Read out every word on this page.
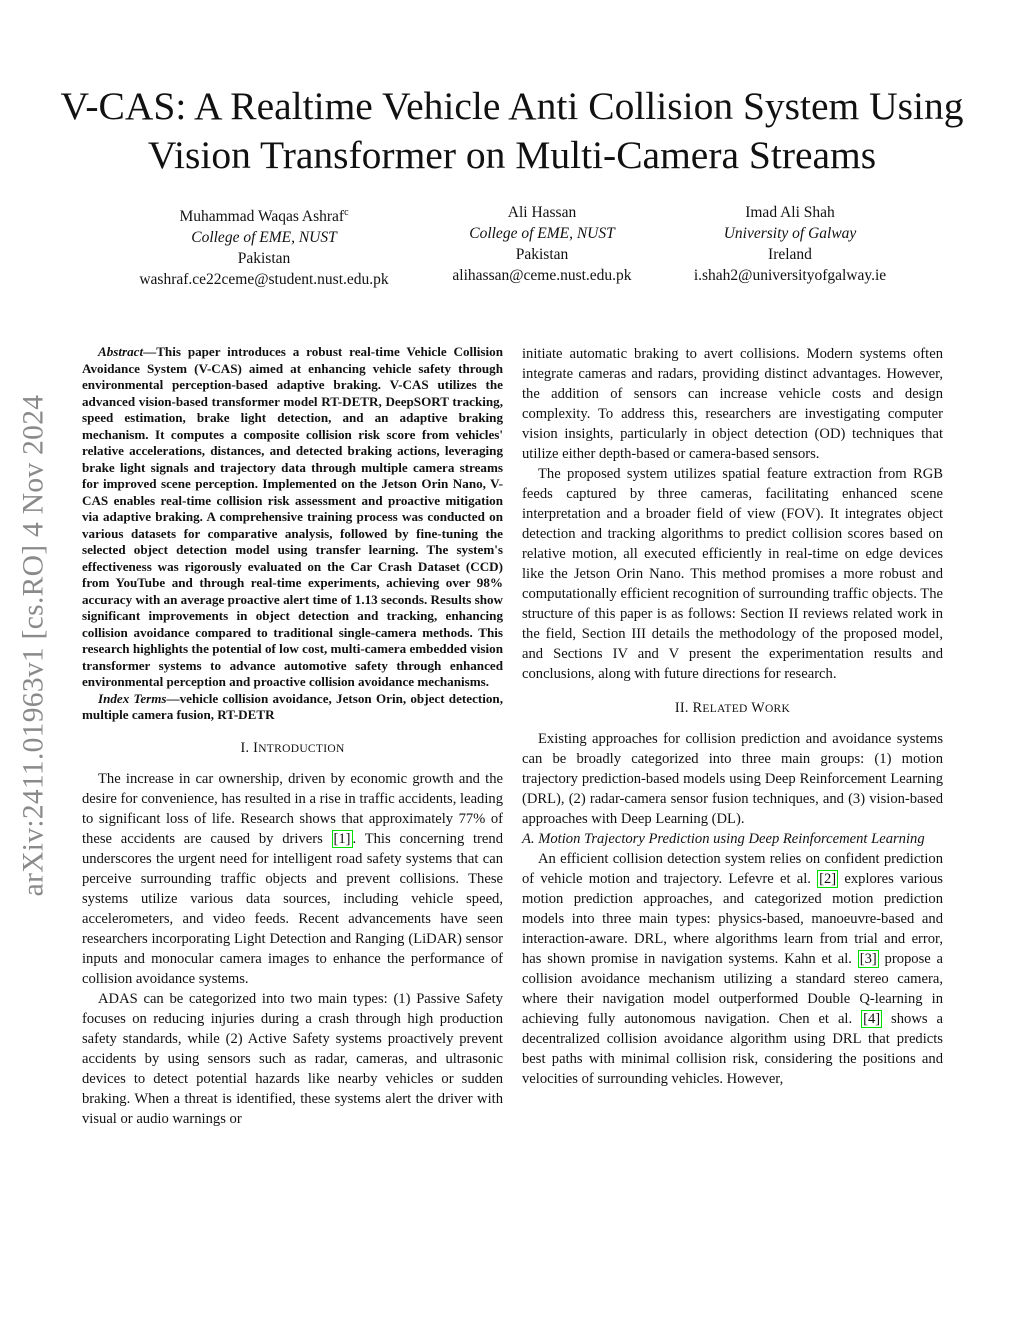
arXiv:2411.01963v1 [cs.RO] 4 Nov 2024
V-CAS: A Realtime Vehicle Anti Collision System Using Vision Transformer on Multi-Camera Streams
Muhammad Waqas Ashraf$^c$
College of EME, NUST
Pakistan
washraf.ce22ceme@student.nust.edu.pk
Ali Hassan
College of EME, NUST
Pakistan
alihassan@ceme.nust.edu.pk
Imad Ali Shah
University of Galway
Ireland
i.shah2@universityofgalway.ie

Abstract—This paper introduces a robust real-time Vehicle Collision Avoidance System (V-CAS) aimed at enhancing vehicle safety through environmental perception-based adaptive braking. V-CAS utilizes the advanced vision-based transformer model RT-DETR, DeepSORT tracking, speed estimation, brake light detection, and an adaptive braking mechanism. It computes a composite collision risk score from vehicles' relative accelerations, distances, and detected braking actions, leveraging brake light signals and trajectory data through multiple camera streams for improved scene perception. Implemented on the Jetson Orin Nano, V-CAS enables real-time collision risk assessment and proactive mitigation via adaptive braking. A comprehensive training process was conducted on various datasets for comparative analysis, followed by fine-tuning the selected object detection model using transfer learning. The system's effectiveness was rigorously evaluated on the Car Crash Dataset (CCD) from YouTube and through real-time experiments, achieving over 98% accuracy with an average proactive alert time of 1.13 seconds. Results show significant improvements in object detection and tracking, enhancing collision avoidance compared to traditional single-camera methods. This research highlights the potential of low cost, multi-camera embedded vision transformer systems to advance automotive safety through enhanced environmental perception and proactive collision avoidance mechanisms.

Index Terms—vehicle collision avoidance, Jetson Orin, object detection, multiple camera fusion, RT-DETR

I. INTRODUCTION

The increase in car ownership, driven by economic growth and the desire for convenience, has resulted in a rise in traffic accidents, leading to significant loss of life. Research shows that approximately 77% of these accidents are caused by drivers [1] . This concerning trend underscores the urgent need for intelligent road safety systems that can perceive surrounding traffic objects and prevent collisions. These systems utilize various data sources, including vehicle speed, accelerometers, and video feeds. Recent advancements have seen researchers incorporating Light Detection and Ranging (LiDAR) sensor inputs and monocular camera images to enhance the performance of collision avoidance systems.

ADAS can be categorized into two main types: (1) Passive Safety focuses on reducing injuries during a crash through high production safety standards, while (2) Active Safety systems proactively prevent accidents by using sensors such as radar, cameras, and ultrasonic devices to detect potential hazards like nearby vehicles or sudden braking. When a threat is identified, these systems alert the driver with visual or audio warnings or

initiate automatic braking to avert collisions. Modern systems often integrate cameras and radars, providing distinct advantages. However, the addition of sensors can increase vehicle costs and design complexity. To address this, researchers are investigating computer vision insights, particularly in object detection (OD) techniques that utilize either depth-based or camera-based sensors.

The proposed system utilizes spatial feature extraction from RGB feeds captured by three cameras, facilitating enhanced scene interpretation and a broader field of view (FOV). It integrates object detection and tracking algorithms to predict collision scores based on relative motion, all executed efficiently in real-time on edge devices like the Jetson Orin Nano. This method promises a more robust and computationally efficient recognition of surrounding traffic objects. The structure of this paper is as follows: Section II reviews related work in the field, Section III details the methodology of the proposed model, and Sections IV and V present the experimentation results and conclusions, along with future directions for research.

II. RELATED WORK

Existing approaches for collision prediction and avoidance systems can be broadly categorized into three main groups: (1) motion trajectory prediction-based models using Deep Reinforcement Learning (DRL), (2) radar-camera sensor fusion techniques, and (3) vision-based approaches with Deep Learning (DL).

A. Motion Trajectory Prediction using Deep Reinforcement Learning

An efficient collision detection system relies on confident prediction of vehicle motion and trajectory. Lefevre et al. [2] explores various motion prediction approaches, and categorized motion prediction models into three main types: physics-based, manoeuvre-based and interaction-aware. DRL, where algorithms learn from trial and error, has shown promise in navigation systems. Kahn et al. [3] propose a collision avoidance mechanism utilizing a standard stereo camera, where their navigation model outperformed Double Q-learning in achieving fully autonomous navigation. Chen et al. [4] shows a decentralized collision avoidance algorithm using DRL that predicts best paths with minimal collision risk, considering the positions and velocities of surrounding vehicles. However,
